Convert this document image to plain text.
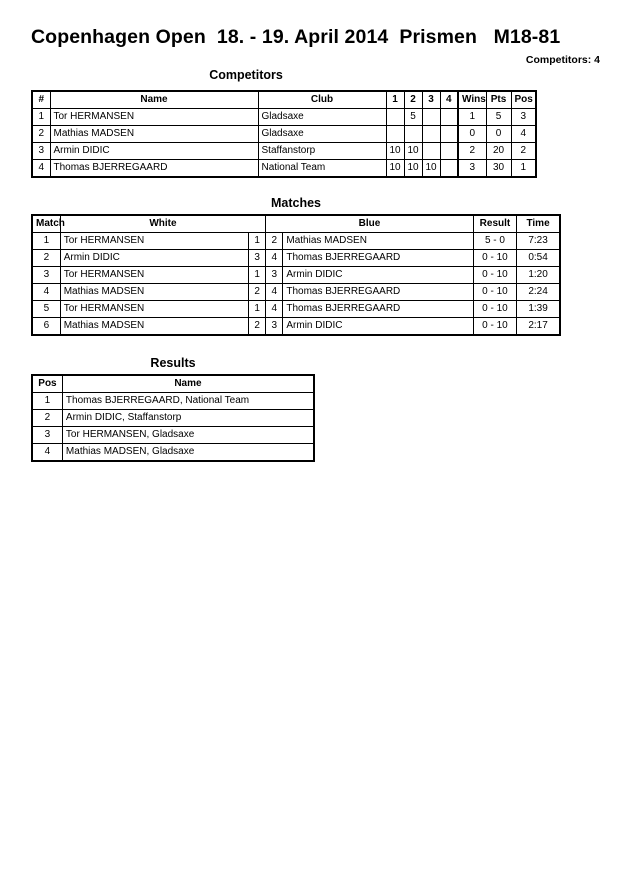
Copenhagen Open  18. - 19. April 2014  Prismen   M18-81
Competitors: 4
Competitors
#	Name	Club	1	2	3	4	Wins	Pts	Pos
1	Tor HERMANSEN	Gladsaxe		5			1	5	3
2	Mathias MADSEN	Gladsaxe					0	0	4
3	Armin DIDIC	Staffanstorp	10	10			2	20	2
4	Thomas BJERREGAARD	National Team	10	10	10		3	30	1
Matches
Match	White		Blue		Result	Time
1	Tor HERMANSEN	1	2	Mathias MADSEN	5 - 0	7:23
2	Armin DIDIC	3	4	Thomas BJERREGAARD	0 - 10	0:54
3	Tor HERMANSEN	1	3	Armin DIDIC	0 - 10	1:20
4	Mathias MADSEN	2	4	Thomas BJERREGAARD	0 - 10	2:24
5	Tor HERMANSEN	1	4	Thomas BJERREGAARD	0 - 10	1:39
6	Mathias MADSEN	2	3	Armin DIDIC	0 - 10	2:17
Results
Pos	Name
1	Thomas BJERREGAARD, National Team
2	Armin DIDIC, Staffanstorp
3	Tor HERMANSEN, Gladsaxe
4	Mathias MADSEN, Gladsaxe
